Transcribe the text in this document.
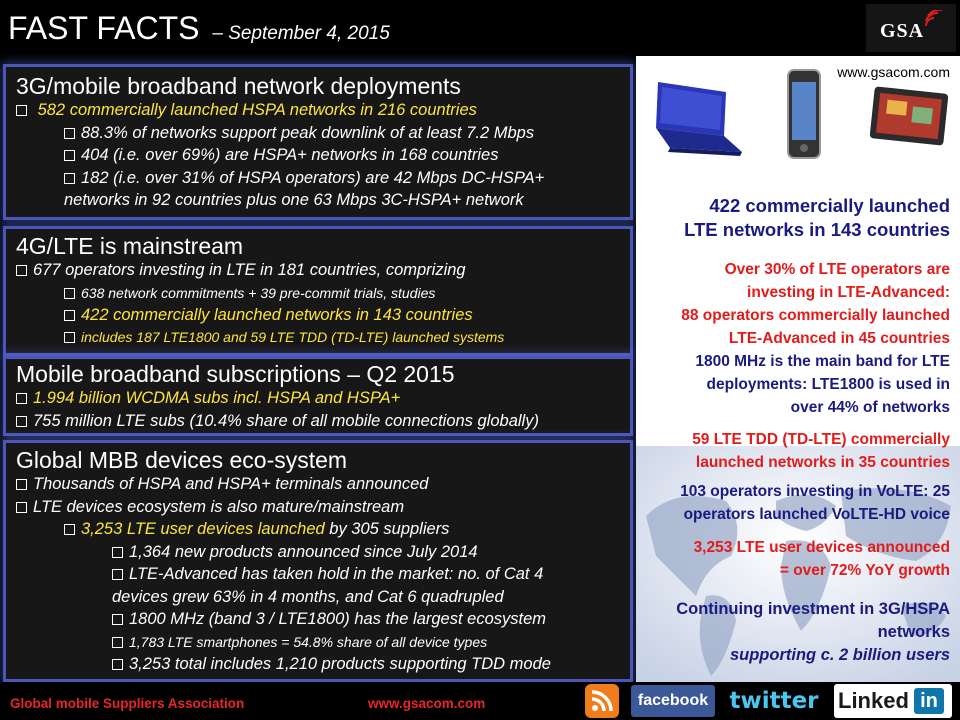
FAST FACTS – September 4, 2015	GSA
3G/mobile broadband network deployments
582 commercially launched HSPA networks in 216 countries
88.3% of networks support peak downlink of at least 7.2 Mbps
404 (i.e. over 69%) are HSPA+ networks in 168 countries
182 (i.e. over 31% of HSPA operators) are 42 Mbps DC-HSPA+
networks in 92 countries plus one 63 Mbps 3C-HSPA+ network
4G/LTE is mainstream
677 operators investing in LTE in 181 countries, comprizing
638 network commitments + 39 pre-commit trials, studies
422 commercially launched networks in 143 countries
includes 187 LTE1800 and 59 LTE TDD (TD-LTE) launched systems
Mobile broadband subscriptions – Q2 2015
1.994 billion WCDMA subs incl. HSPA and HSPA+
755 million LTE subs (10.4% share of all mobile connections globally)
Global MBB devices eco-system
Thousands of HSPA and HSPA+ terminals announced
LTE devices ecosystem is also mature/mainstream
3,253 LTE user devices launched by 305 suppliers
1,364 new products announced since July 2014
LTE-Advanced has taken hold in the market: no. of Cat 4
devices grew 63% in 4 months, and Cat 6 quadrupled
1800 MHz (band 3 / LTE1800) has the largest ecosystem
1,783 LTE smartphones = 54.8% share of all device types
3,253 total includes 1,210 products supporting TDD mode
www.gsacom.com
422 commercially launched
LTE networks in 143 countries
Over 30% of LTE operators are
investing in LTE-Advanced:
88 operators commercially launched
LTE-Advanced in 45 countries
1800 MHz is the main band for LTE
deployments: LTE1800 is used in
over 44% of networks
59 LTE TDD (TD-LTE) commercially
launched networks in 35 countries
103 operators investing in VoLTE: 25
operators launched VoLTE-HD voice
3,253 LTE user devices announced
= over 72% YoY growth
Continuing investment in 3G/HSPA
networks
supporting c. 2 billion users
Global mobile Suppliers Association	www.gsacom.com	facebook twitter Linked in
